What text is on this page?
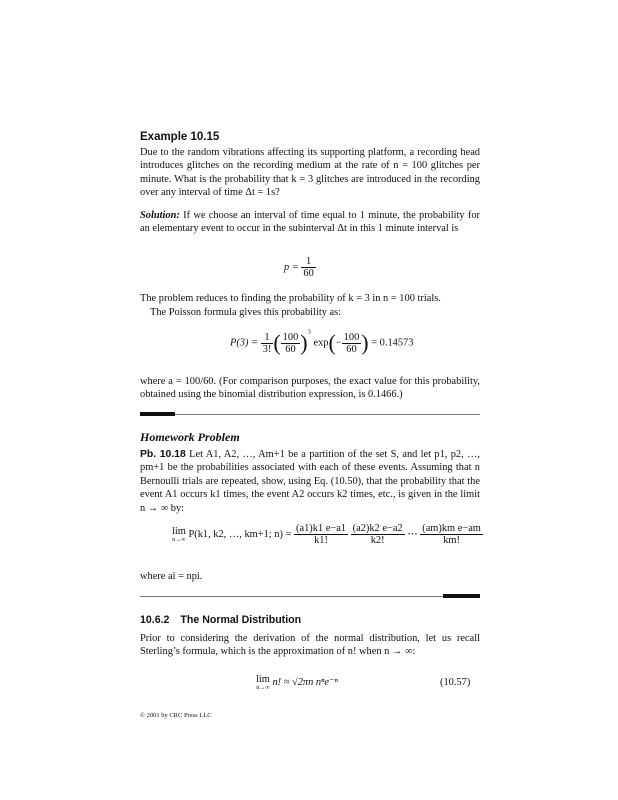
Example 10.15
Due to the random vibrations affecting its supporting platform, a recording head introduces glitches on the recording medium at the rate of n = 100 glitches per minute. What is the probability that k = 3 glitches are introduced in the recording over any interval of time Δt = 1s?
Solution: If we choose an interval of time equal to 1 minute, the probability for an elementary event to occur in the subinterval Δt in this 1 minute interval is
$p = \frac{1}{60}$
The problem reduces to finding the probability of k = 3 in n = 100 trials.
The Poisson formula gives this probability as:
$P(3) = \frac{1}{3!}$ ( $\frac{100}{60} )^3$ $\exp(- \frac{100}{60}$ ) = 0.14573
where a = 100/60. (For comparison purposes, the exact value for this probability, obtained using the binomial distribution expression, is 0.1466.)
Homework Problem
Pb. 10.18 Let A1, A2, …, Am+1 be a partition of the set S, and let p1, p2, …, pm+1 be the probabilities associated with each of these events. Assuming that n Bernoulli trials are repeated, show, using Eq. (10.50), that the probability that the event A1 occurs k1 times, the event A2 occurs k2 times, etc., is given in the limit n → ∞ by:
lim
n→∞
P(k1, k2, …, km+1; $n) = \frac{(a1)k1 e-a1}{k1!}$
$\frac{(a2)k2 e-a2}{k2!}$ ⋯ $\frac{\text{(am)km e−am}}{km!}$
where ai = npi.
10.6.2 The Normal Distribution
Prior to considering the derivation of the normal distribution, let us recall Sterling’s formula, which is the approximation of n! when n → ∞:
lim
n→∞
n! ≈ √2πn nⁿe⁻ⁿ	(10.57)
© 2001 by CRC Press LLC
